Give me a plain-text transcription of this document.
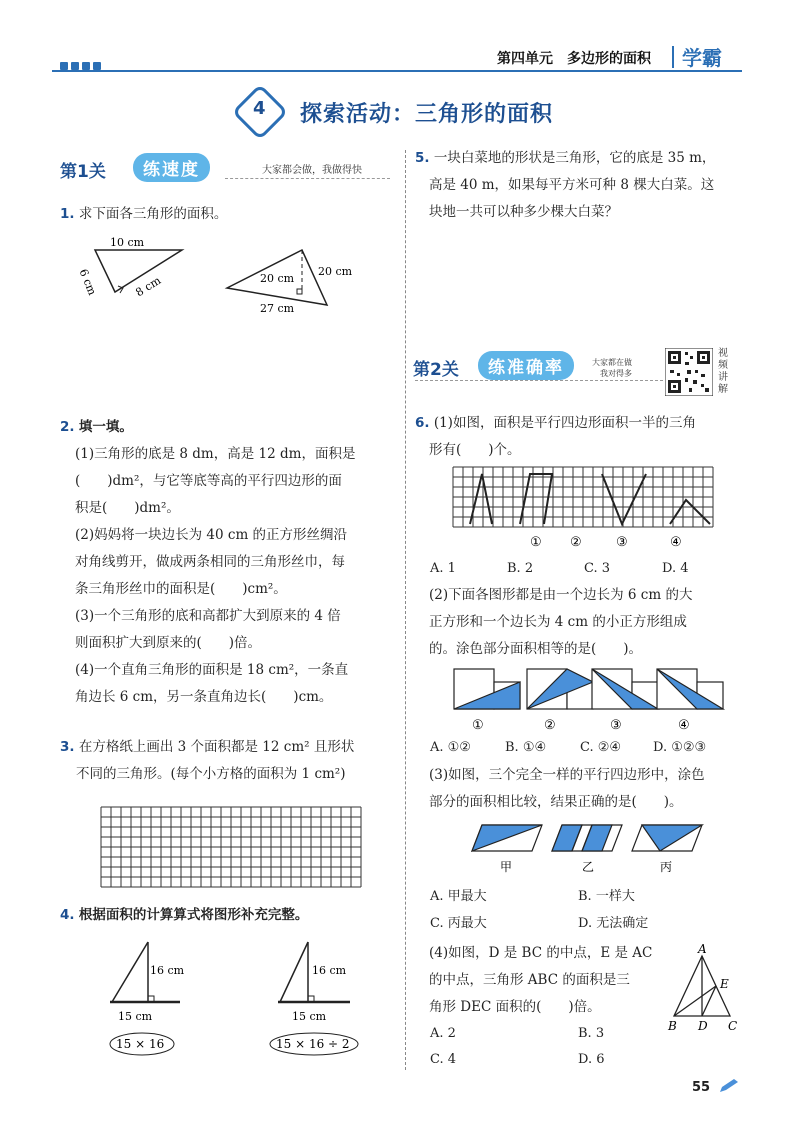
第四单元　多边形的面积 学霸
4 探索活动：三角形的面积
第1关	练速度	大家都会做，我做得快
1. 求下面各三角形的面积。
10 cm
6 cm	8 cm	20 cm
20 cm
27 cm
2. 填一填。
(1)三角形的底是 8 dm，高是 12 dm，面积是
(　　)dm²，与它等底等高的平行四边形的面
积是(　　)dm²。
(2)妈妈将一块边长为 40 cm 的正方形丝绸沿
对角线剪开，做成两条相同的三角形丝巾，每
条三角形丝巾的面积是(　　)cm²。
(3)一个三角形的底和高都扩大到原来的 4 倍
则面积扩大到原来的(　　)倍。
(4)一个直角三角形的面积是 18 cm²，一条直
角边长 6 cm，另一条直角边长(　　)cm。
3. 在方格纸上画出 3 个面积都是 12 cm² 且形状
不同的三角形。(每个小方格的面积为 1 cm²)
4. 根据面积的计算算式将图形补充完整。
16 cm
15 cm
15 × 16
16 cm
15 cm
15 × 16 ÷ 2
5. 一块白菜地的形状是三角形，它的底是 35 m，
高是 40 m，如果每平方米可种 8 棵大白菜。这
块地一共可以种多少棵大白菜？
第2关	练准确率	大家都在做
我对得多
视频讲解
6. (1)如图，面积是平行四边形面积一半的三角
形有(　　)个。
① ②	③	④
A. 1	B. 2	C. 3	D. 4
(2)下面各图形都是由一个边长为 6 cm 的大
正方形和一个边长为 4 cm 的小正方形组成
的。涂色部分面积相等的是(　　)。
①	②	③	④
A. ①②	B. ①④	C. ②④ D. ①②③
(3)如图，三个完全一样的平行四边形中，涂色
部分的面积相比较，结果正确的是(　　)。
甲	乙	丙
A. 甲最大	B. 一样大
C. 丙最大	D. 无法确定
(4)如图，D 是 BC 的中点，E 是 AC
的中点，三角形 ABC 的面积是三
角形 DEC 面积的(　　)倍。
A
E
B D C
A. 2	B. 3
C. 4	D. 6
55
